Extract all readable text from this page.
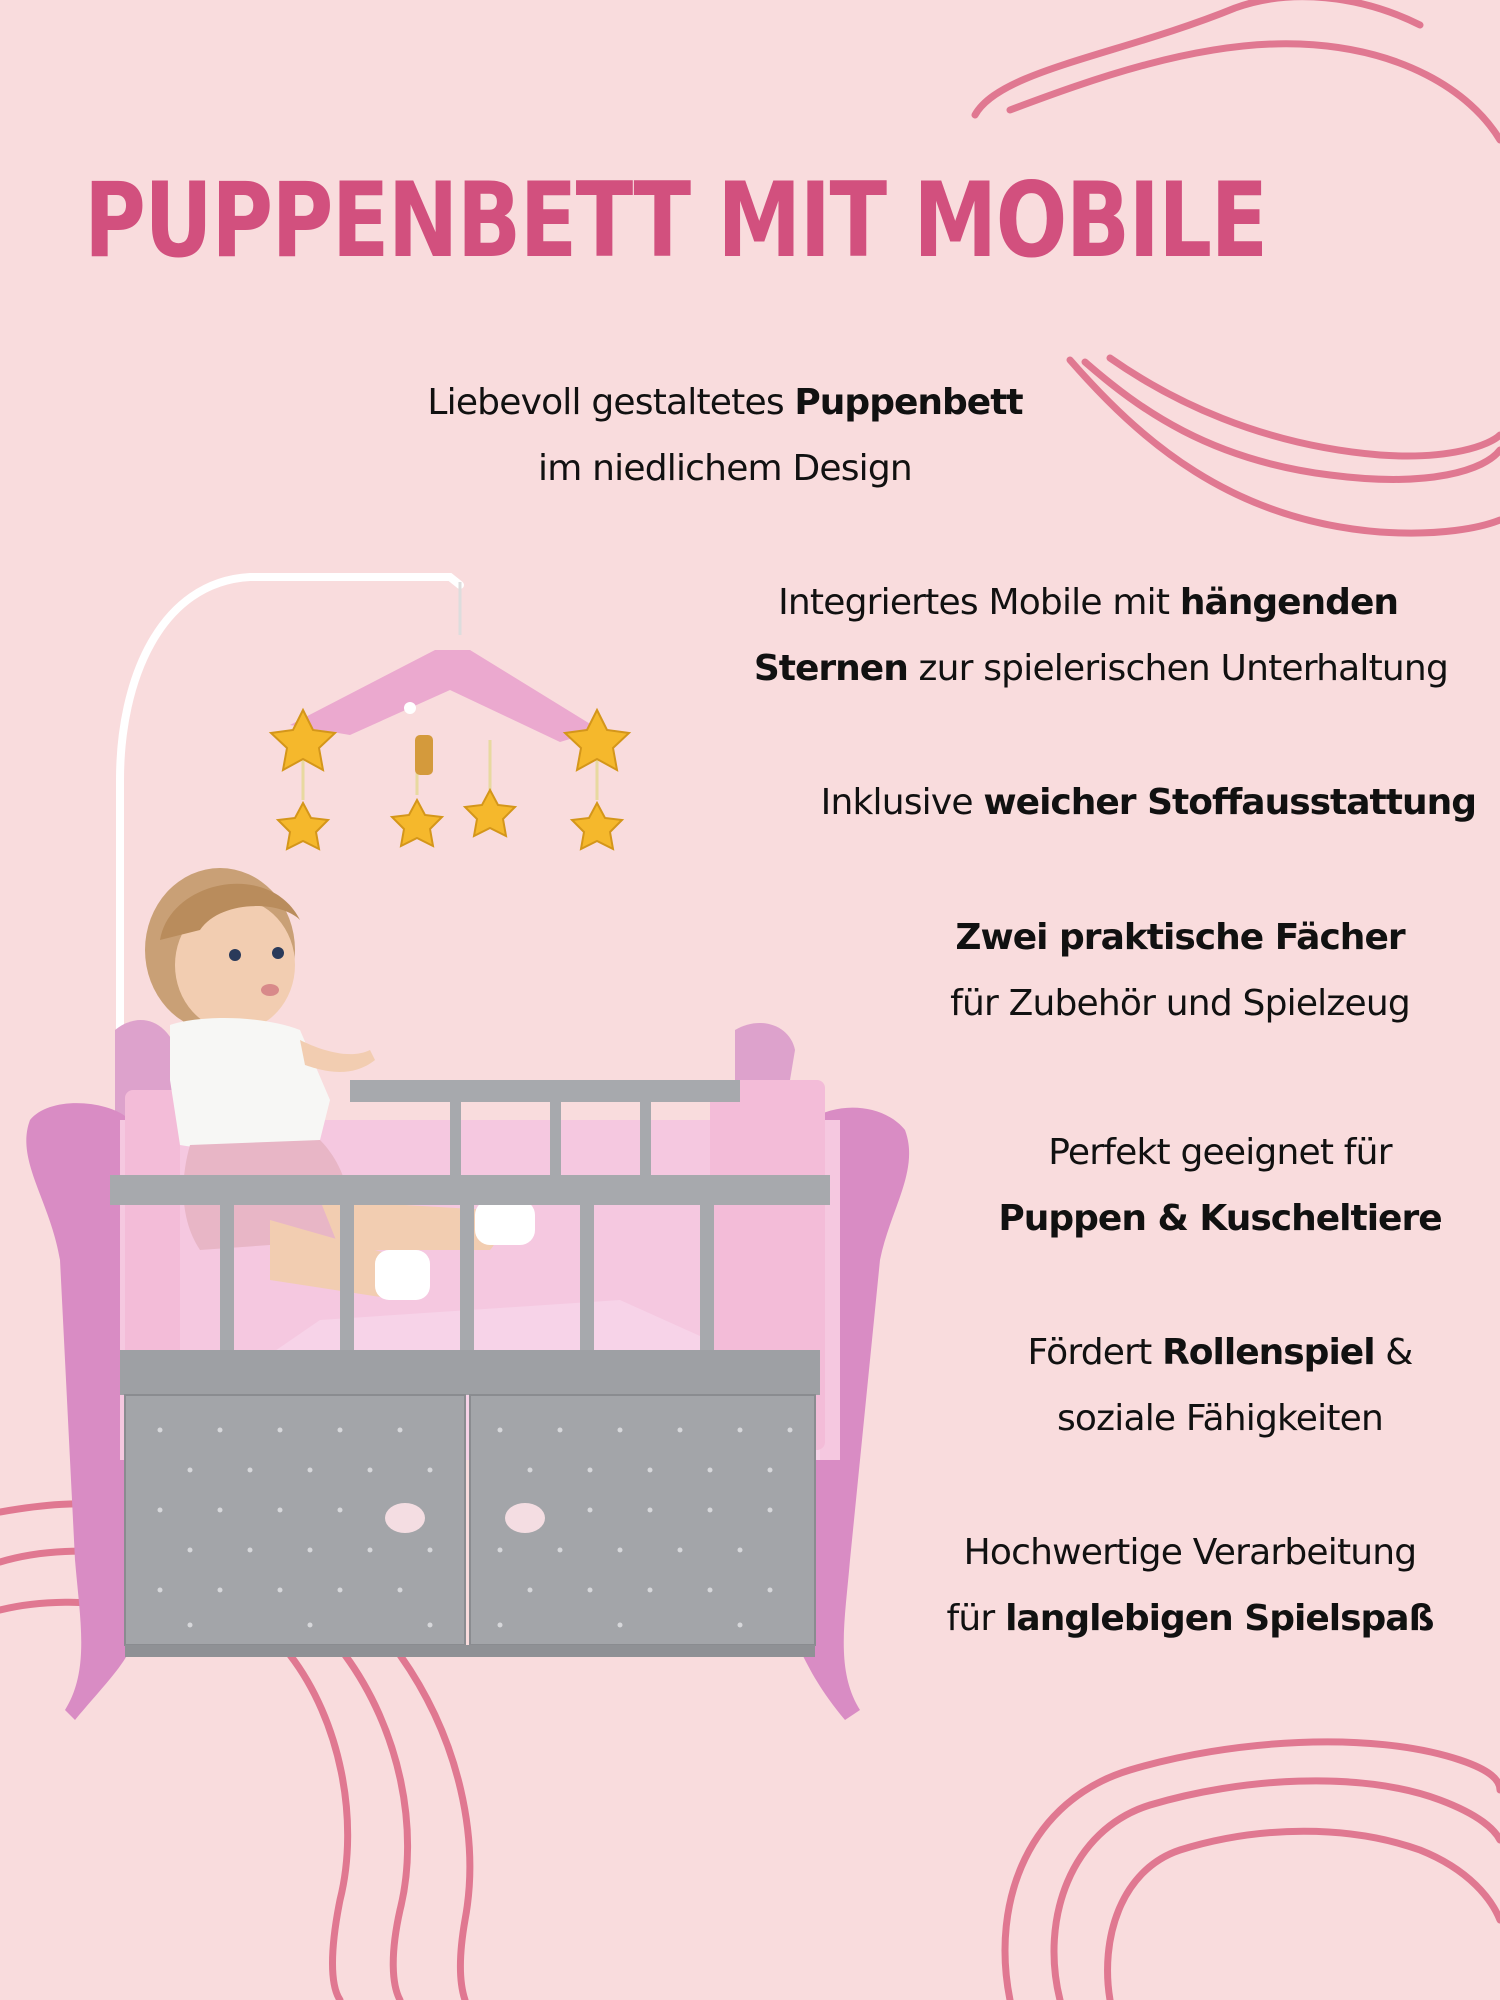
PUPPENBETT MIT MOBILE
Liebevoll gestaltetes Puppenbett
im niedlichem Design
Integriertes Mobile mit hängenden
Sternen zur spielerischen Unterhaltung
Inklusive weicher Stoffausstattung
Zwei praktische Fächer
für Zubehör und Spielzeug
Perfekt geeignet für
Puppen & Kuscheltiere
Fördert Rollenspiel &
soziale Fähigkeiten
Hochwertige Verarbeitung
für langlebigen Spielspaß
